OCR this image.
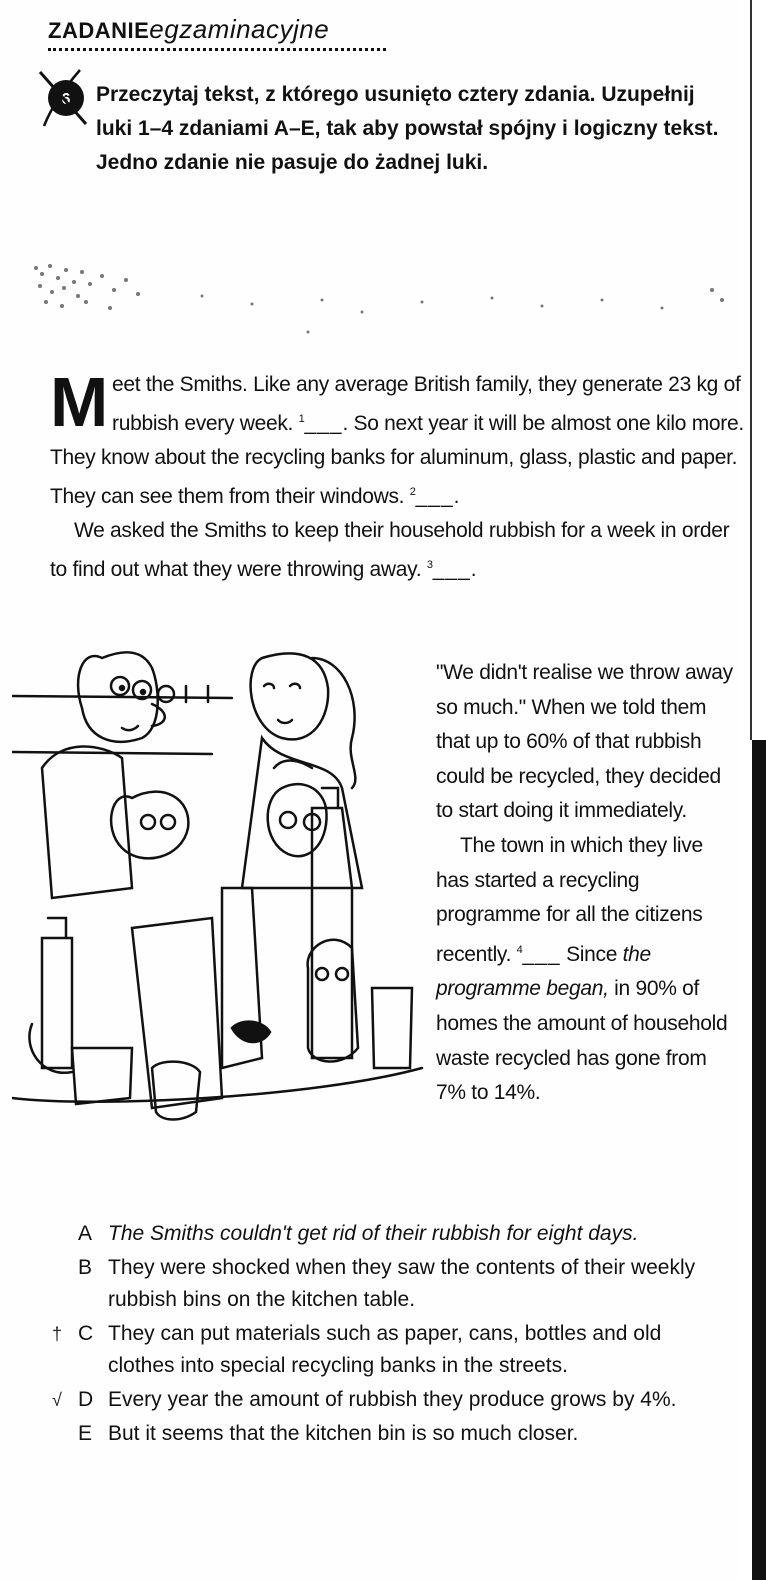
ZADANIEegzaminacyjne
6 Przeczytaj tekst, z którego usunięto cztery zdania. Uzupełnij luki 1–4 zdaniami A–E, tak aby powstał spójny i logiczny tekst. Jedno zdanie nie pasuje do żadnej luki.

Meet the Smiths. Like any average British family, they generate 23 kg of rubbish every week. $^1$___. So next year it will be almost one kilo more. They know about the recycling banks for aluminum, glass, plastic and paper. They can see them from their windows. $^2$___.

We asked the Smiths to keep their household rubbish for a week in order to find out what they were throwing away. $^3$___.

"We didn't realise we throw away so much." When we told them that up to 60% of that rubbish could be recycled, they decided to start doing it immediately.

The town in which they live has started a recycling programme for all the citizens recently. $^4$___ Since the programme began, in 90% of homes the amount of household waste recycled has gone from 7% to 14%.

A The Smiths couldn't get rid of their rubbish for eight days.
B They were shocked when they saw the contents of their weekly rubbish bins on the kitchen table.
† C They can put materials such as paper, cans, bottles and old clothes into special recycling banks in the streets.
√ D Every year the amount of rubbish they produce grows by 4%.
E But it seems that the kitchen bin is so much closer.
